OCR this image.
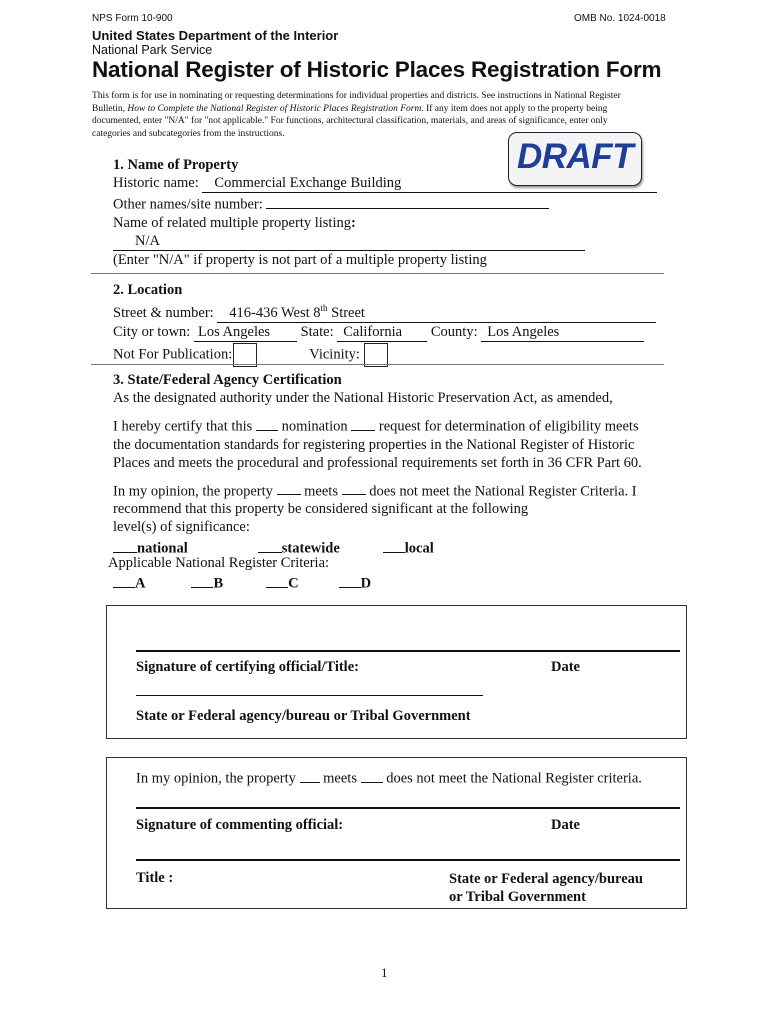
NPS Form 10-900	OMB No. 1024-0018
United States Department of the Interior
National Park Service
National Register of Historic Places Registration Form
This form is for use in nominating or requesting determinations for individual properties and districts. See instructions in National Register
Bulletin, How to Complete the National Register of Historic Places Registration Form. If any item does not apply to the property being
documented, enter "N/A" for "not applicable." For functions, architectural classification, materials, and areas of significance, enter only
categories and subcategories from the instructions.
DRAFT
1. Name of Property
Historic name: Commercial Exchange Building
Other names/site number:
Name of related multiple property listing:
N/A
(Enter "N/A" if property is not part of a multiple property listing
2. Location
Street & number: 416-436 West 8th Street
City or town: Los Angeles State: California County: Los Angeles
Not For Publication:	Vicinity:
3. State/Federal Agency Certification
As the designated authority under the National Historic Preservation Act, as amended,
I hereby certify that this  nomination  request for determination of eligibility meets
the documentation standards for registering properties in the National Register of Historic
Places and meets the procedural and professional requirements set forth in 36 CFR Part 60.
In my opinion, the property  meets  does not meet the National Register Criteria. I
recommend that this property be considered significant at the following
level(s) of significance:
national	statewide	local
Applicable National Register Criteria:
A	B	C	D
Signature of certifying official/Title:	Date
State or Federal agency/bureau or Tribal Government
In my opinion, the property  meets  does not meet the National Register criteria.
Signature of commenting official:	Date
Title :	State or Federal agency/bureau
or Tribal Government
1
